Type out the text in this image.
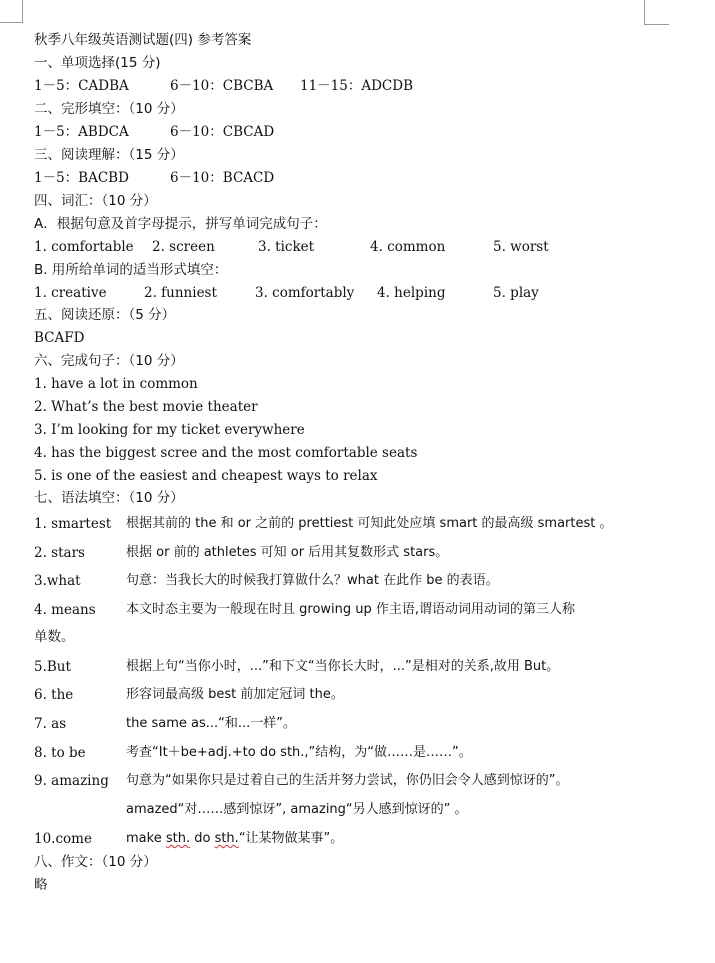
秋季八年级英语测试题(四) 参考答案
一、单项选择(15 分)
1－5：CADBA	6－10：CBCBA 11－15：ADCDB
二、完形填空：（10 分）
1－5：ABDCA	6－10：CBCAD
三、阅读理解：（15 分）
1－5：BACBD	6－10：BCACD
四、词汇：（10 分）
A．根据句意及首字母提示，拼写单词完成句子：
1. comfortable 2. screen	3. ticket	4. common	5. worst
B. 用所给单词的适当形式填空：
1. creative	2. funniest	3. comfortably 4. helping	5. play
五、阅读还原：（5 分）
BCAFD
六、完成句子：（10 分）
1. have a lot in common
2. What’s the best movie theater
3. I’m looking for my ticket everywhere
4. has the biggest scree and the most comfortable seats
5. is one of the easiest and cheapest ways to relax
七、语法填空：（10 分）
1. smartest 根据其前的 the 和 or 之前的 prettiest 可知此处应填 smart 的最高级 smartest 。
2. stars	根据 or 前的 athletes 可知 or 后用其复数形式 stars。
3.what	句意：当我长大的时候我打算做什么？what 在此作 be 的表语。
4. means 本文时态主要为一般现在时且 growing up 作主语,谓语动词用动词的第三人称
单数。
5.But	根据上句“当你小时，...”和下文“当你长大时，...”是相对的关系,故用 But。
6. the	形容词最高级 best 前加定冠词 the。
7. as	the same as...“和...一样”。
8. to be	考查“It＋be+adj.+to do sth.,”结构，为“做……是……”。
9. amazing 句意为“如果你只是过着自己的生活并努力尝试，你仍旧会令人感到惊讶的”。
amazed“对……感到惊讶”, amazing“另人感到惊讶的” 。
10.come	make sth. do sth.“让某物做某事”。
八、作文：（10 分）
略
